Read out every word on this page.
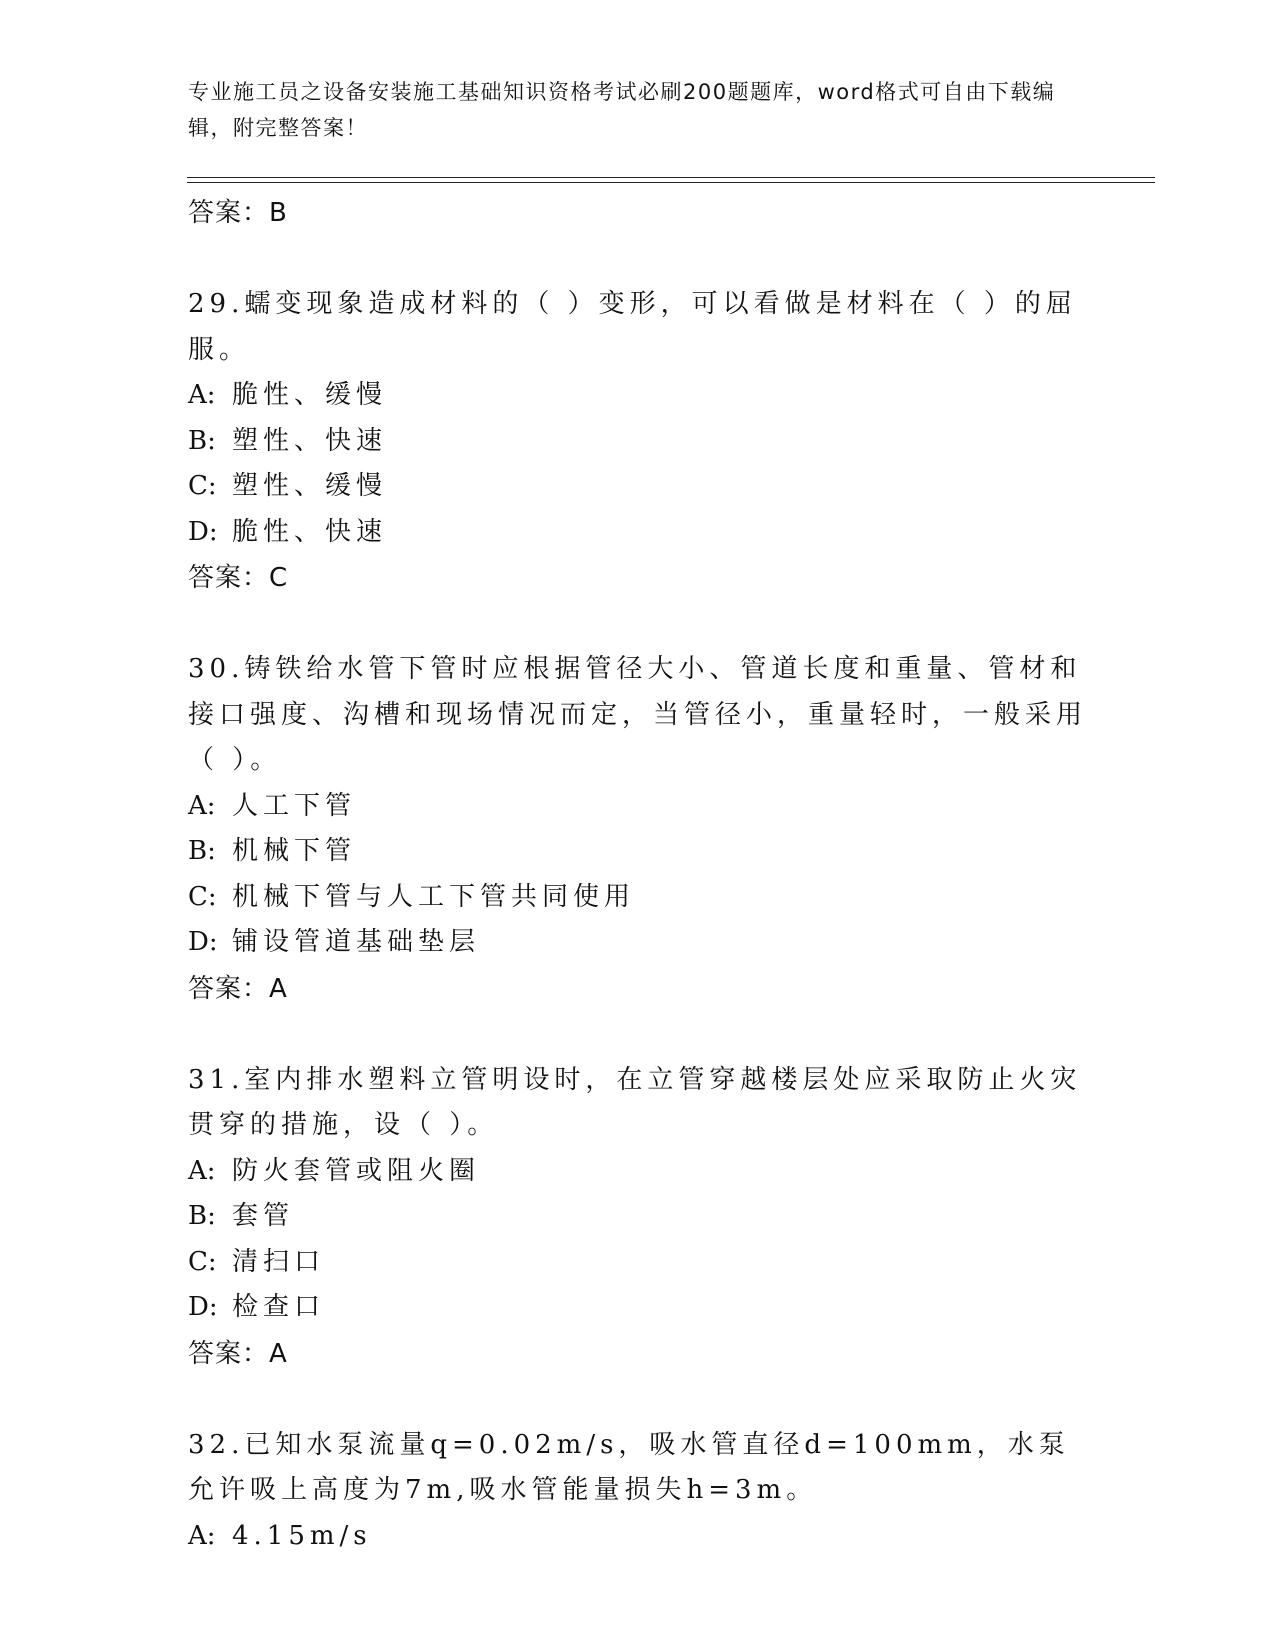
专业施工员之设备安装施工基础知识资格考试必刷200题题库，word格式可自由下载编辑，附完整答案！
答案：B
29.蠕变现象造成材料的（ ）变形，可以看做是材料在（ ）的屈服。
A: 脆性、缓慢
B: 塑性、快速
C: 塑性、缓慢
D: 脆性、快速
答案：C
30.铸铁给水管下管时应根据管径大小、管道长度和重量、管材和接口强度、沟槽和现场情况而定，当管径小，重量轻时，一般采用（ ）。
A: 人工下管
B: 机械下管
C: 机械下管与人工下管共同使用
D: 铺设管道基础垫层
答案：A
31.室内排水塑料立管明设时，在立管穿越楼层处应采取防止火灾贯穿的措施，设（ ）。
A: 防火套管或阻火圈
B: 套管
C: 清扫口
D: 检查口
答案：A
32.已知水泵流量q=0.02m/s，吸水管直径d=100mm，水泵允许吸上高度为7m,吸水管能量损失h=3m。
A: 4.15m/s
